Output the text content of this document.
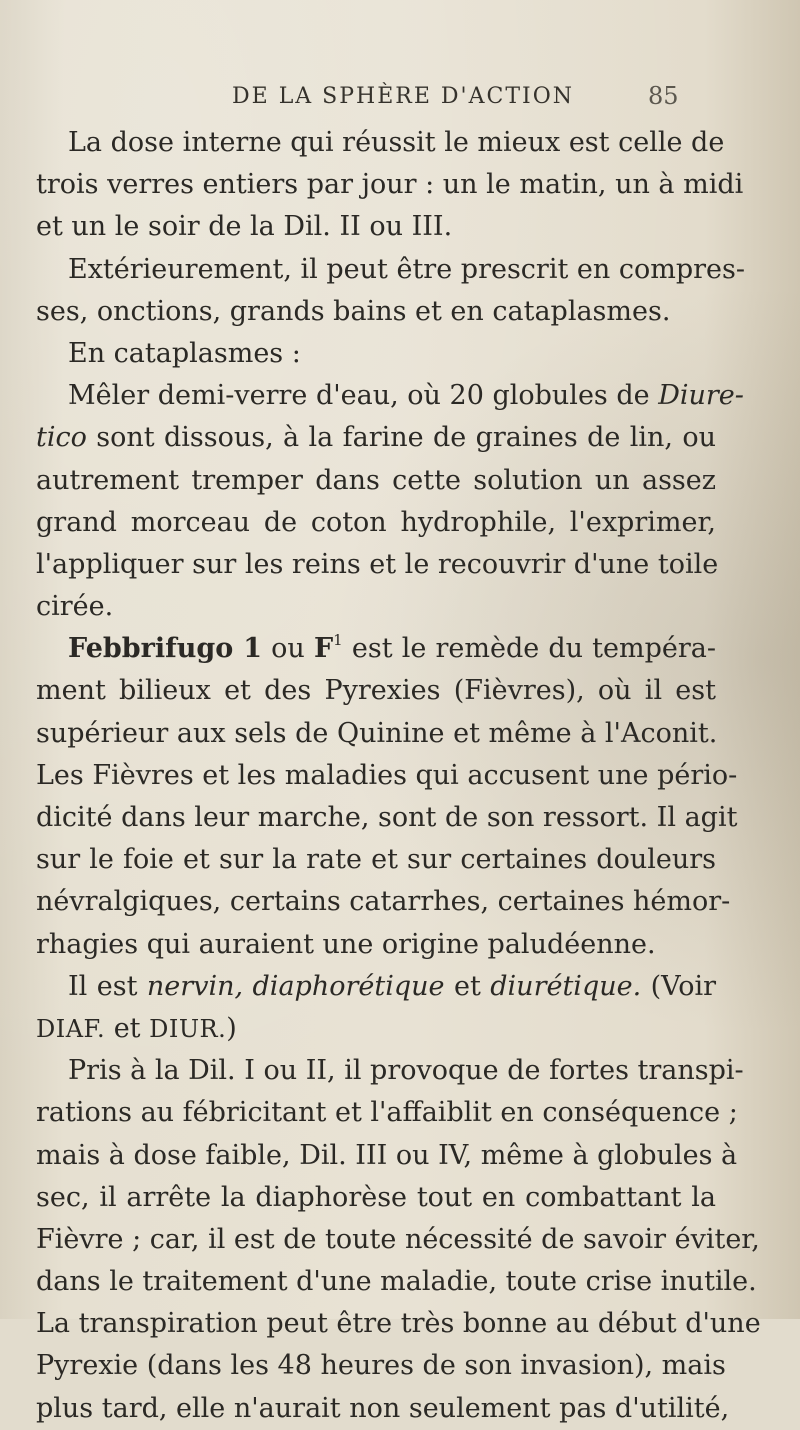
DE LA SPHÈRE D'ACTION	85
La dose interne qui réussit le mieux est celle de
trois verres entiers par jour : un le matin, un à midi
et un le soir de la Dil. II ou III.
Extérieurement, il peut être prescrit en compres-
ses, onctions, grands bains et en cataplasmes.
En cataplasmes :
Mêler demi-verre d'eau, où 20 globules de Diure-
tico sont dissous, à la farine de graines de lin, ou
autrement tremper dans cette solution un assez
grand morceau de coton hydrophile, l'exprimer,
l'appliquer sur les reins et le recouvrir d'une toile
cirée.
Febbrifugo 1 ou $F^1$ est le remède du tempéra-
ment bilieux et des Pyrexies (Fièvres), où il est
supérieur aux sels de Quinine et même à l'Aconit.
Les Fièvres et les maladies qui accusent une pério-
dicité dans leur marche, sont de son ressort. Il agit
sur le foie et sur la rate et sur certaines douleurs
névralgiques, certains catarrhes, certaines hémor-
rhagies qui auraient une origine paludéenne.
Il est nervin, diaphorétique et diurétique. (Voir
DIAF. et DIUR.)
Pris à la Dil. I ou II, il provoque de fortes transpi-
rations au fébricitant et l'affaiblit en conséquence ;
mais à dose faible, Dil. III ou IV, même à globules à
sec, il arrête la diaphorèse tout en combattant la
Fièvre ; car, il est de toute nécessité de savoir éviter,
dans le traitement d'une maladie, toute crise inutile.
La transpiration peut être très bonne au début d'une
Pyrexie (dans les 48 heures de son invasion), mais
plus tard, elle n'aurait non seulement pas d'utilité,
